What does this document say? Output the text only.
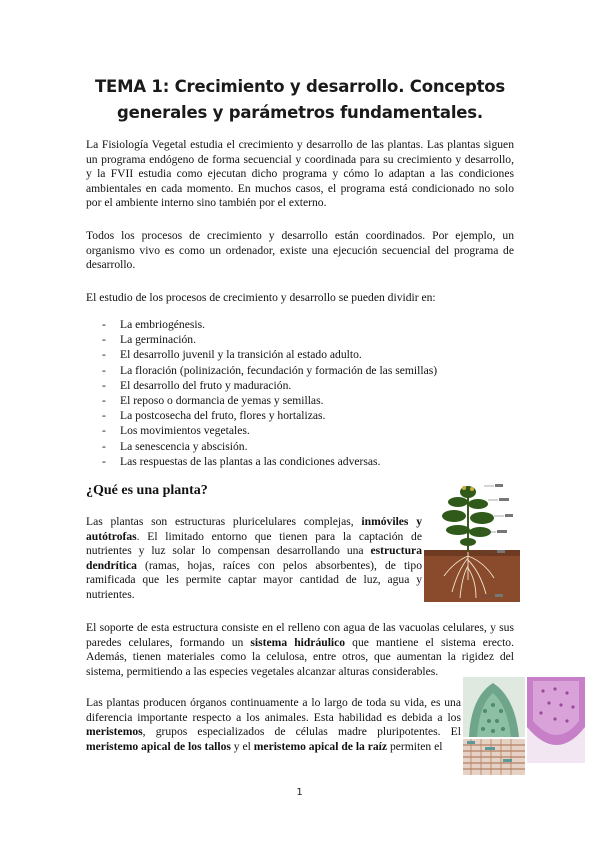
TEMA 1: Crecimiento y desarrollo. Conceptos generales y parámetros fundamentales.
La Fisiología Vegetal estudia el crecimiento y desarrollo de las plantas. Las plantas siguen un programa endógeno de forma secuencial y coordinada para su crecimiento y desarrollo, y la FVII estudia como ejecutan dicho programa y cómo lo adaptan a las condiciones ambientales en cada momento. En muchos casos, el programa está condicionado no solo por el ambiente interno sino también por el externo.
Todos los procesos de crecimiento y desarrollo están coordinados. Por ejemplo, un organismo vivo es como un ordenador, existe una ejecución secuencial del programa de desarrollo.
El estudio de los procesos de crecimiento y desarrollo se pueden dividir en:
- La embriogénesis.
- La germinación.
- El desarrollo juvenil y la transición al estado adulto.
- La floración (polinización, fecundación y formación de las semillas)
- El desarrollo del fruto y maduración.
- El reposo o dormancia de yemas y semillas.
- La postcosecha del fruto, flores y hortalizas.
- Los movimientos vegetales.
- La senescencia y abscisión.
- Las respuestas de las plantas a las condiciones adversas.
¿Qué es una planta?
Las plantas son estructuras pluricelulares complejas, inmóviles y autótrofas. El limitado entorno que tienen para la captación de nutrientes y luz solar lo compensan desarrollando una estructura dendrítica (ramas, hojas, raíces con pelos absorbentes), de tipo ramificada que les permite captar mayor cantidad de luz, agua y nutrientes.
El soporte de esta estructura consiste en el relleno con agua de las vacuolas celulares, y sus paredes celulares, formando un sistema hidráulico que mantiene el sistema erecto. Además, tienen materiales como la celulosa, entre otros, que aumentan la rigidez del sistema, permitiendo a las especies vegetales alcanzar alturas considerables.
Las plantas producen órganos continuamente a lo largo de toda su vida, es una diferencia importante respecto a los animales. Esta habilidad es debida a los meristemos, grupos especializados de células madre pluripotentes. El meristemo apical de los tallos y el meristemo apical de la raíz permiten el
1
